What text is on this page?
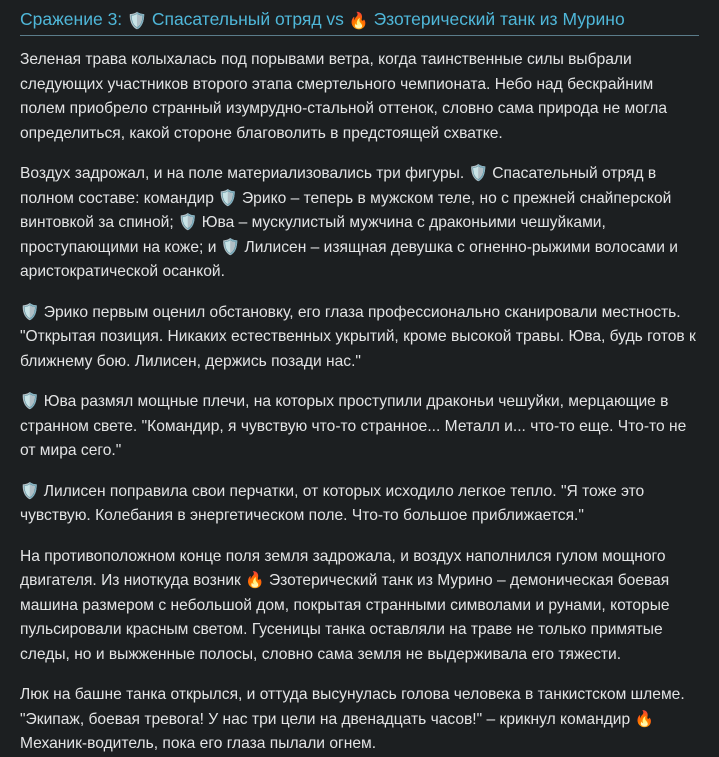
Сражение 3: 🛡️ Спасательный отряд vs 🔥 Эзотерический танк из Мурино

Зеленая трава колыхалась под порывами ветра, когда таинственные силы выбрали следующих участников второго этапа смертельного чемпионата. Небо над бескрайним полем приобрело странный изумрудно-стальной оттенок, словно сама природа не могла определиться, какой стороне благоволить в предстоящей схватке.

Воздух задрожал, и на поле материализовались три фигуры. 🛡️ Спасательный отряд в полном составе: командир 🛡️ Эрико – теперь в мужском теле, но с прежней снайперской винтовкой за спиной; 🛡️ Юва – мускулистый мужчина с драконьими чешуйками, проступающими на коже; и 🛡️ Лилисен – изящная девушка с огненно-рыжими волосами и аристократической осанкой.

🛡️ Эрико первым оценил обстановку, его глаза профессионально сканировали местность. "Открытая позиция. Никаких естественных укрытий, кроме высокой травы. Юва, будь готов к ближнему бою. Лилисен, держись позади нас."

🛡️ Юва размял мощные плечи, на которых проступили драконьи чешуйки, мерцающие в странном свете. "Командир, я чувствую что-то странное... Металл и... что-то еще. Что-то не от мира сего."

🛡️ Лилисен поправила свои перчатки, от которых исходило легкое тепло. "Я тоже это чувствую. Колебания в энергетическом поле. Что-то большое приближается."

На противоположном конце поля земля задрожала, и воздух наполнился гулом мощного двигателя. Из ниоткуда возник 🔥 Эзотерический танк из Мурино – демоническая боевая машина размером с небольшой дом, покрытая странными символами и рунами, которые пульсировали красным светом. Гусеницы танка оставляли на траве не только примятые следы, но и выжженные полосы, словно сама земля не выдерживала его тяжести.

Люк на башне танка открылся, и оттуда высунулась голова человека в танкистском шлеме. "Экипаж, боевая тревога! У нас три цели на двенадцать часов!" – крикнул командир 🔥 Механик-водитель, пока его глаза пылали огнем.
